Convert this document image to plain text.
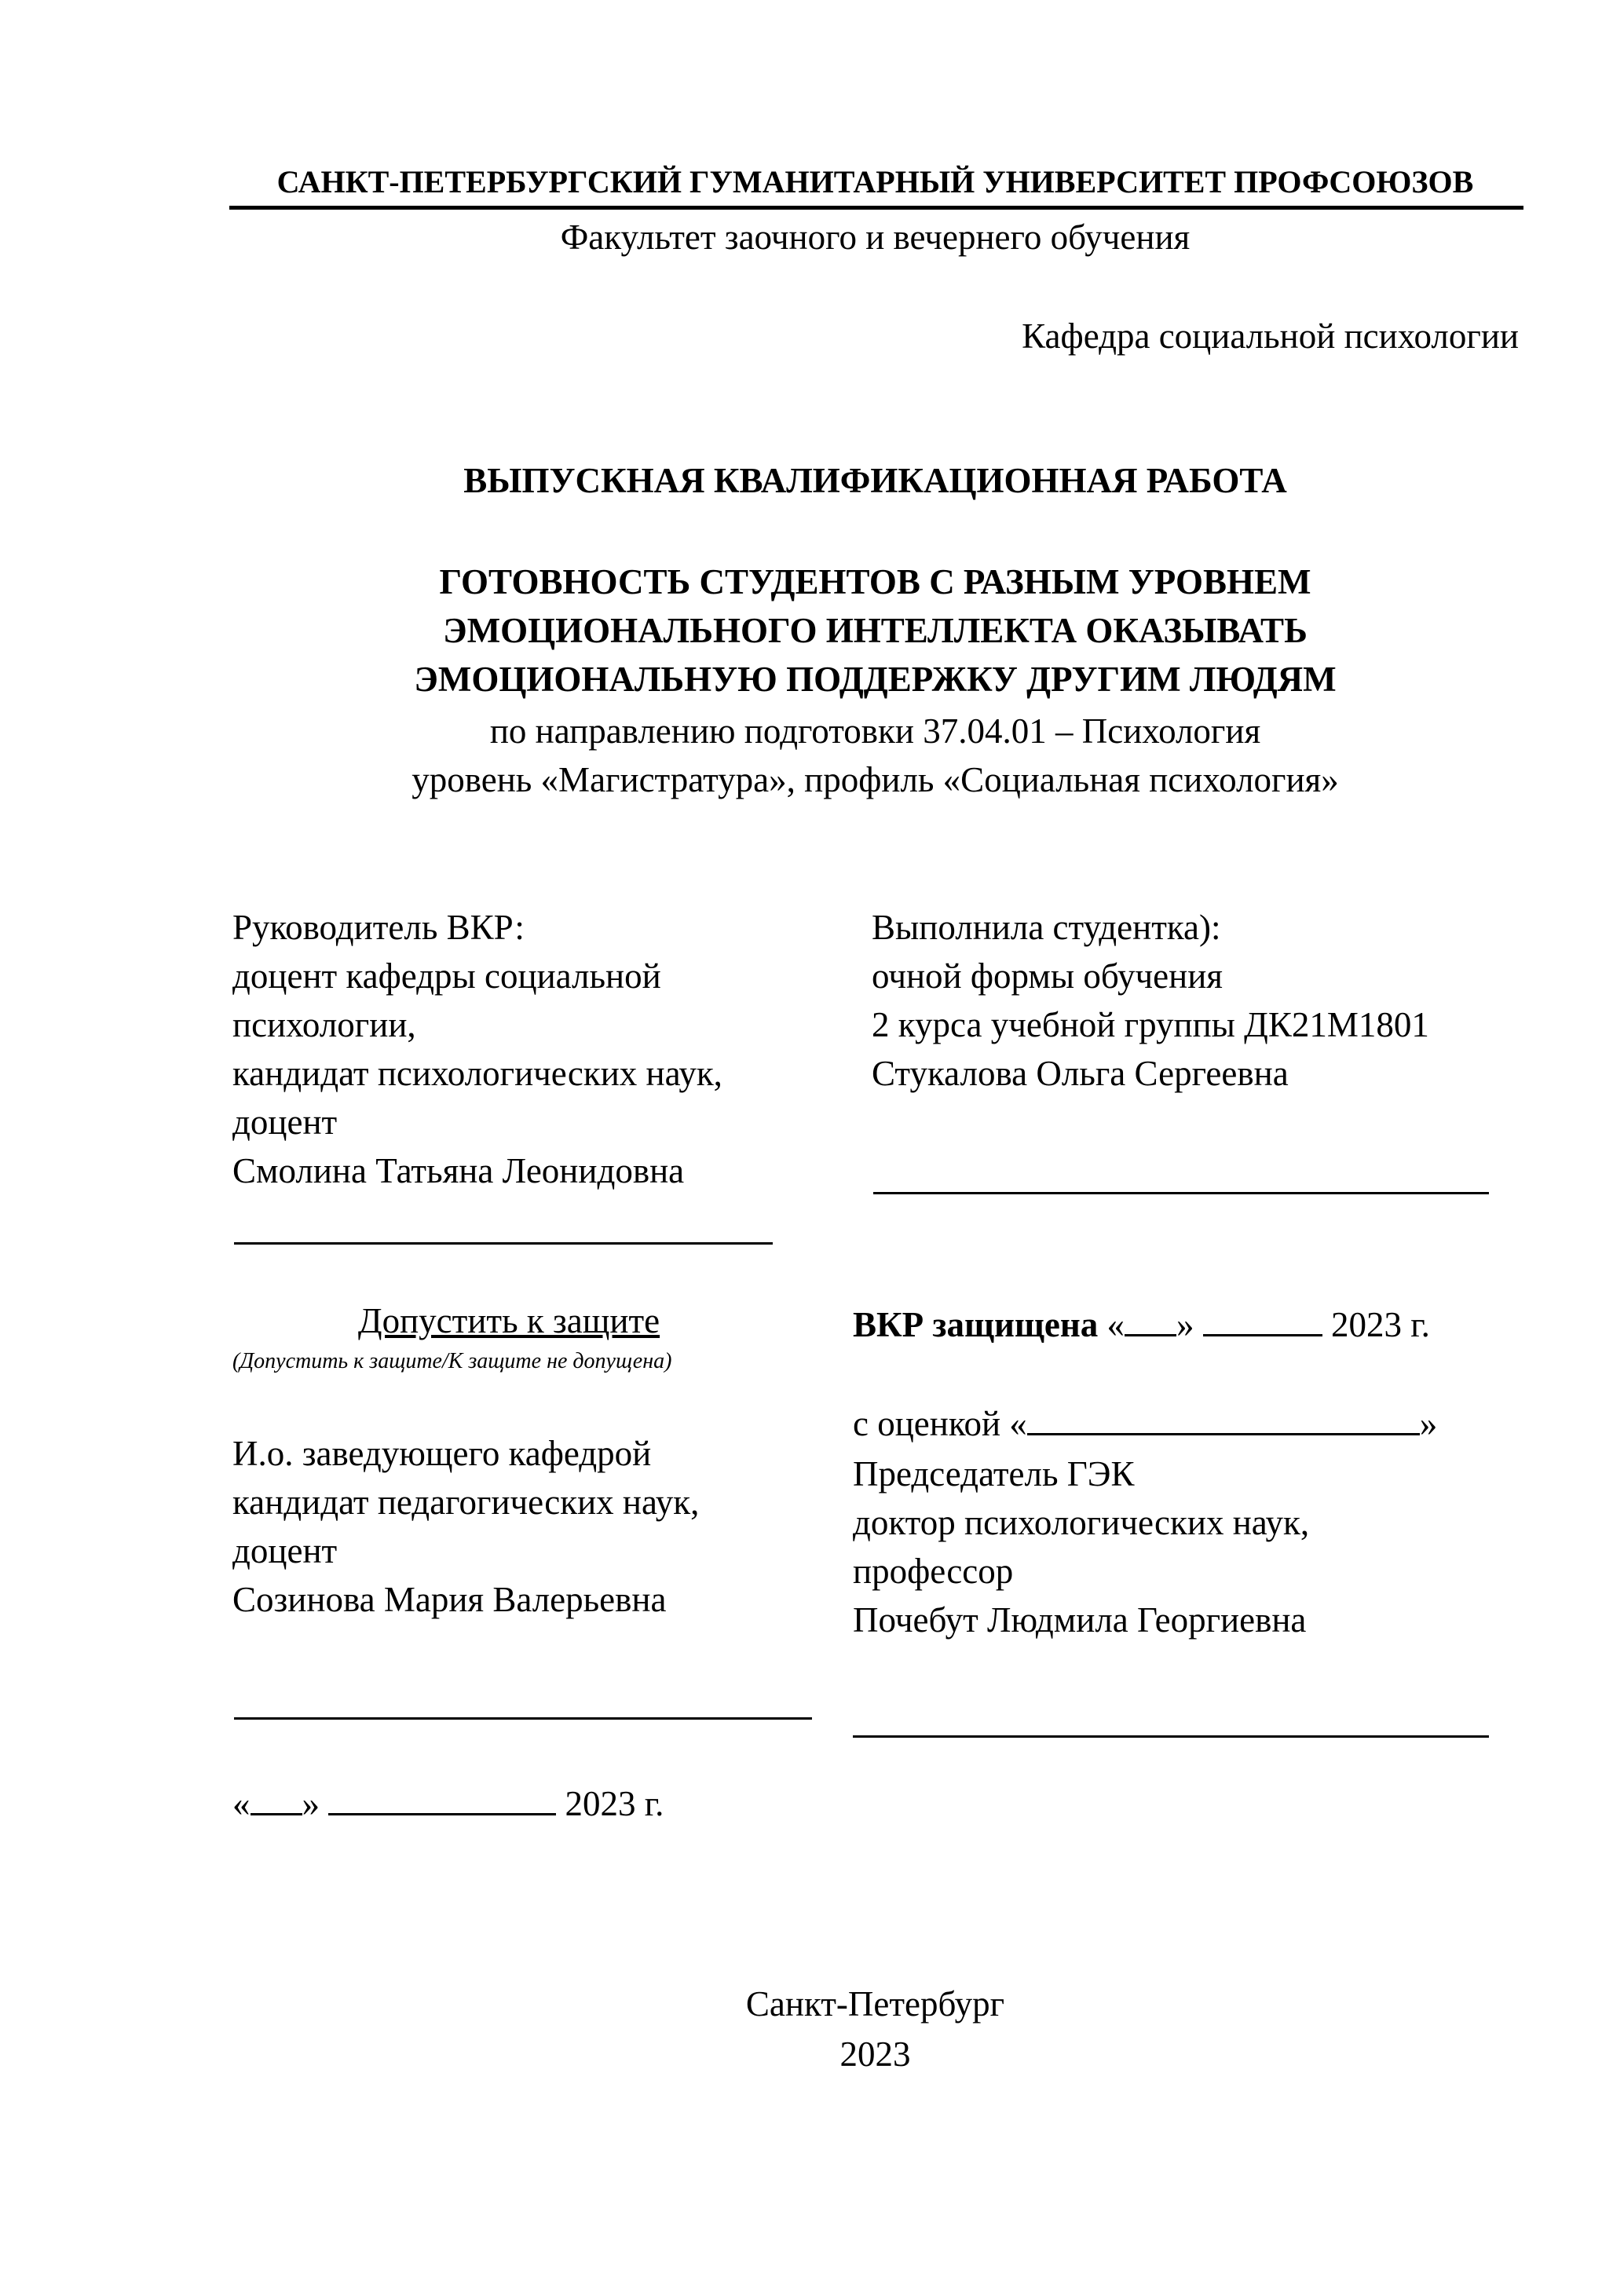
САНКТ-ПЕТЕРБУРГСКИЙ ГУМАНИТАРНЫЙ УНИВЕРСИТЕТ ПРОФСОЮЗОВ
Факультет заочного и вечернего обучения
Кафедра социальной психологии
ВЫПУСКНАЯ КВАЛИФИКАЦИОННАЯ РАБОТА
ГОТОВНОСТЬ СТУДЕНТОВ С РАЗНЫМ УРОВНЕМ
ЭМОЦИОНАЛЬНОГО ИНТЕЛЛЕКТА ОКАЗЫВАТЬ
ЭМОЦИОНАЛЬНУЮ ПОДДЕРЖКУ ДРУГИМ ЛЮДЯМ
по направлению подготовки 37.04.01 – Психология
уровень «Магистратура», профиль «Социальная психология»
Руководитель ВКР:
доцент кафедры социальной
психологии,
кандидат психологических наук,
доцент
Смолина Татьяна Леонидовна
Выполнила студентка):
очной формы обучения
2 курса учебной группы ДК21М1801
Стукалова Ольга Сергеевна
Допустить к защите
(Допустить к защите/К защите не допущена)
И.о. заведующего кафедрой
кандидат педагогических наук,
доцент
Созинова Мария Валерьевна
« »	2023 г.
ВКР защищена « »	2023 г.
с оценкой «	»
Председатель ГЭК
доктор психологических наук,
профессор
Почебут Людмила Георгиевна
Санкт-Петербург
2023
